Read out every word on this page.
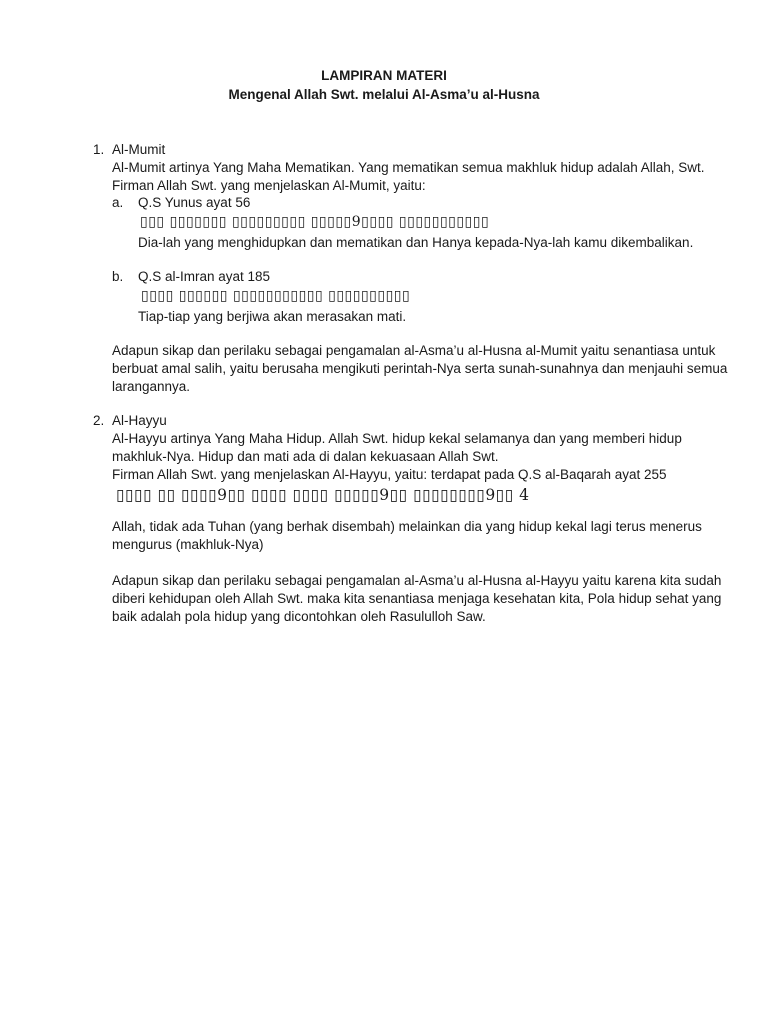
LAMPIRAN MATERI
Mengenal Allah Swt. melalui Al-Asma’u al-Husna
1. Al-Mumit
Al-Mumit artinya Yang Maha Mematikan. Yang mematikan semua makhluk hidup adalah Allah, Swt.
Firman Allah Swt. yang menjelaskan Al-Mumit, yaitu:
a. Q.S Yunus ayat 56
▯▯▯ ▯▯▯▯▯▯▯ ▯▯▯▯▯▯▯▯▯ ▯▯▯▯▯9▯▯▯▯ ▯▯▯▯▯▯▯▯▯▯▯
Dia-lah yang menghidupkan dan mematikan dan Hanya kepada-Nya-lah kamu dikembalikan.
b. Q.S al-Imran ayat 185
▯▯▯▯ ▯▯▯▯▯▯ ▯▯▯▯▯▯▯▯▯▯▯ ▯▯▯▯▯▯▯▯▯▯
Tiap-tiap yang berjiwa akan merasakan mati.
Adapun sikap dan perilaku sebagai pengamalan al-Asma’u al-Husna al-Mumit yaitu senantiasa untuk
berbuat amal salih, yaitu berusaha mengikuti perintah-Nya serta sunah-sunahnya dan menjauhi semua
larangannya.
2. Al-Hayyu
Al-Hayyu artinya Yang Maha Hidup. Allah Swt. hidup kekal selamanya dan yang memberi hidup
makhluk-Nya. Hidup dan mati ada di dalan kekuasaan Allah Swt.
Firman Allah Swt. yang menjelaskan Al-Hayyu, yaitu: terdapat pada Q.S al-Baqarah ayat 255
▯▯▯▯ ▯▯ ▯▯▯▯9▯▯ ▯▯▯▯ ▯▯▯▯ ▯▯▯▯▯9▯▯ ▯▯▯▯▯▯▯▯9▯▯ 4
Allah, tidak ada Tuhan (yang berhak disembah) melainkan dia yang hidup kekal lagi terus menerus
mengurus (makhluk-Nya)
Adapun sikap dan perilaku sebagai pengamalan al-Asma’u al-Husna al-Hayyu yaitu karena kita sudah
diberi kehidupan oleh Allah Swt. maka kita senantiasa menjaga kesehatan kita, Pola hidup sehat yang
baik adalah pola hidup yang dicontohkan oleh Rasululloh Saw.
